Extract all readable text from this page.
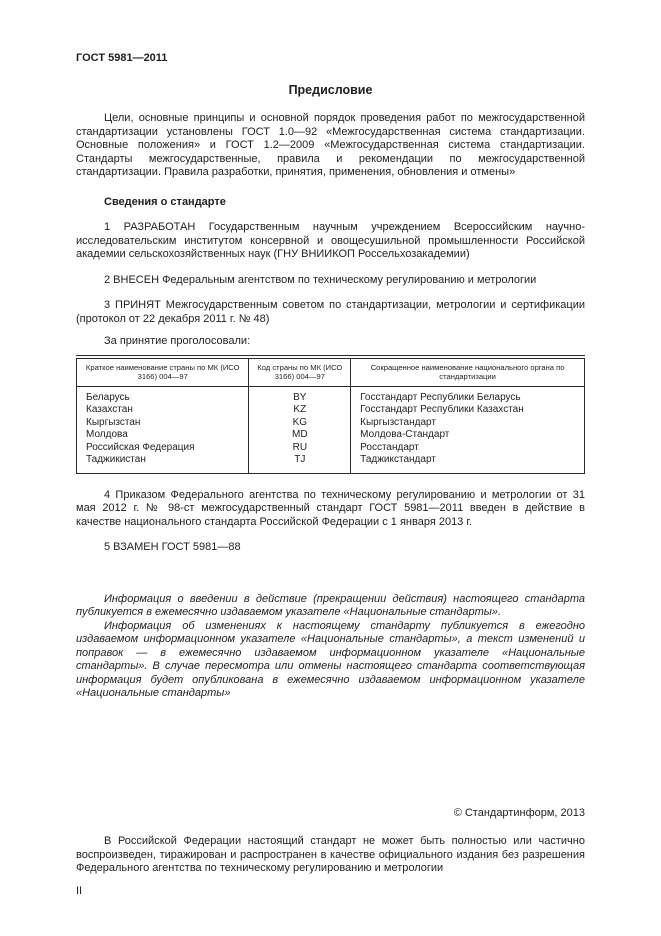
ГОСТ 5981—2011
Предисловие

Цели, основные принципы и основной порядок проведения работ по межгосударственной стандартизации установлены ГОСТ 1.0—92 «Межгосударственная система стандартизации. Основные положения» и ГОСТ 1.2—2009 «Межгосударственная система стандартизации. Стандарты межгосударственные, правила и рекомендации по межгосударственной стандартизации. Правила разработки, принятия, применения, обновления и отмены»

Сведения о стандарте

1 РАЗРАБОТАН Государственным научным учреждением Всероссийским научно-исследовательским институтом консервной и овощесушильной промышленности Российской академии сельскохозяйственных наук (ГНУ ВНИИКОП Россельхозакадемии)

2 ВНЕСЕН Федеральным агентством по техническому регулированию и метрологии

3 ПРИНЯТ Межгосударственным советом по стандартизации, метрологии и сертификации (протокол от 22 декабря 2011 г. № 48)

За принятие проголосовали:

Краткое наименование страны по МК (ИСО 3166) 004—97	Код страны по МК (ИСО 3166) 004—97	Сокращенное наименование национального органа по стандартизации
Беларусь	BY	Госстандарт Республики Беларусь
Казахстан	KZ	Госстандарт Республики Казахстан
Кыргызстан	KG	Кыргызстандарт
Молдова	MD	Молдова-Стандарт
Российская Федерация	RU	Росстандарт
Таджикистан	TJ	Таджикстандарт

4 Приказом Федерального агентства по техническому регулированию и метрологии от 31 мая 2012 г. № 98-ст межгосударственный стандарт ГОСТ 5981—2011 введен в действие в качестве национального стандарта Российской Федерации с 1 января 2013 г.

5 ВЗАМЕН ГОСТ 5981—88

Информация о введении в действие (прекращении действия) настоящего стандарта публикуется в ежемесячно издаваемом указателе «Национальные стандарты».

Информация об изменениях к настоящему стандарту публикуется в ежегодно издаваемом информационном указателе «Национальные стандарты», а текст изменений и поправок — в ежемесячно издаваемом информационном указателе «Национальные стандарты». В случае пересмотра или отмены настоящего стандарта соответствующая информация будет опубликована в ежемесячно издаваемом информационном указателе «Национальные стандарты»

© Стандартинформ, 2013

В Российской Федерации настоящий стандарт не может быть полностью или частично воспроизведен, тиражирован и распространен в качестве официального издания без разрешения Федерального агентства по техническому регулированию и метрологии

II
